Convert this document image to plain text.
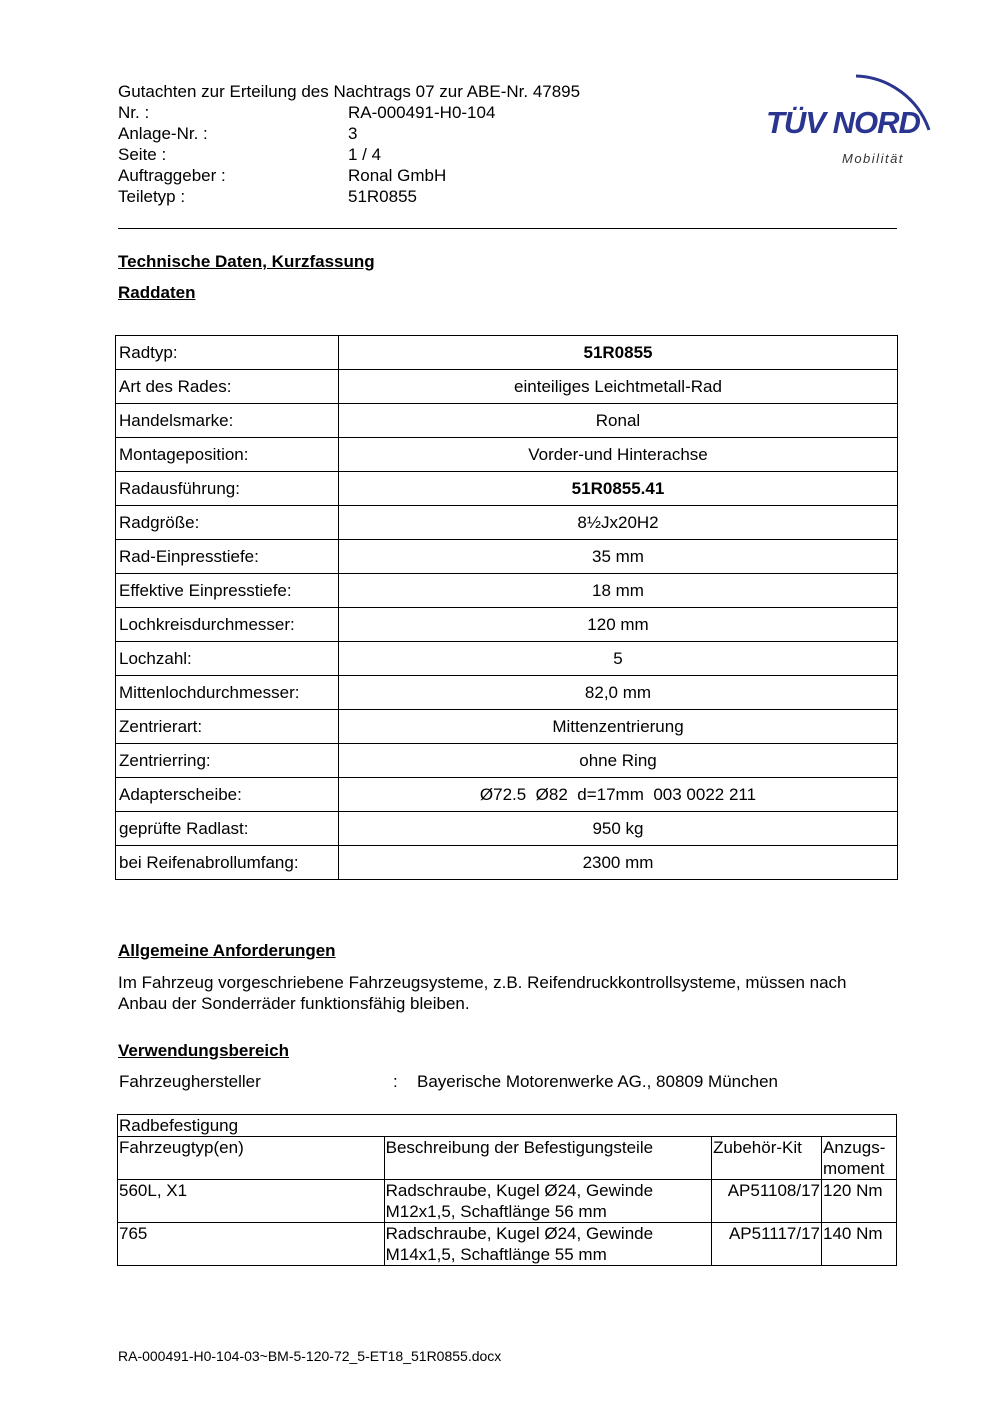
Gutachten zur Erteilung des Nachtrags 07 zur ABE-Nr. 47895
Nr. :	RA-000491-H0-104
Anlage-Nr. :	3
Seite :	1 / 4
Auftraggeber :	Ronal GmbH
Teiletyp :	51R0855
TÜV NORD
Mobilität
Technische Daten, Kurzfassung
Raddaten
Radtyp:	51R0855
Art des Rades:	einteiliges Leichtmetall-Rad
Handelsmarke:	Ronal
Montageposition:	Vorder-und Hinterachse
Radausführung:	51R0855.41
Radgröße:	8½Jx20H2
Rad-Einpresstiefe:	35 mm
Effektive Einpresstiefe:	18 mm
Lochkreisdurchmesser:	120 mm
Lochzahl:	5
Mittenlochdurchmesser:	82,0 mm
Zentrierart:	Mittenzentrierung
Zentrierring:	ohne Ring
Adapterscheibe:	Ø72.5  Ø82  d=17mm  003 0022 211
geprüfte Radlast:	950 kg
bei Reifenabrollumfang:	2300 mm
Allgemeine Anforderungen
Im Fahrzeug vorgeschriebene Fahrzeugsysteme, z.B. Reifendruckkontrollsysteme, müssen nach Anbau der Sonderräder funktionsfähig bleiben.
Verwendungsbereich
Fahrzeughersteller	: Bayerische Motorenwerke AG., 80809 München
Radbefestigung			
Fahrzeugtyp(en)	Beschreibung der Befestigungsteile	Zubehör-Kit	Anzugs-moment
560L, X1	Radschraube, Kugel Ø24, Gewinde M12x1,5, Schaftlänge 56 mm	AP51108/17	120 Nm
765	Radschraube, Kugel Ø24, Gewinde M14x1,5, Schaftlänge 55 mm	AP51117/17	140 Nm
RA-000491-H0-104-03~BM-5-120-72_5-ET18_51R0855.docx
